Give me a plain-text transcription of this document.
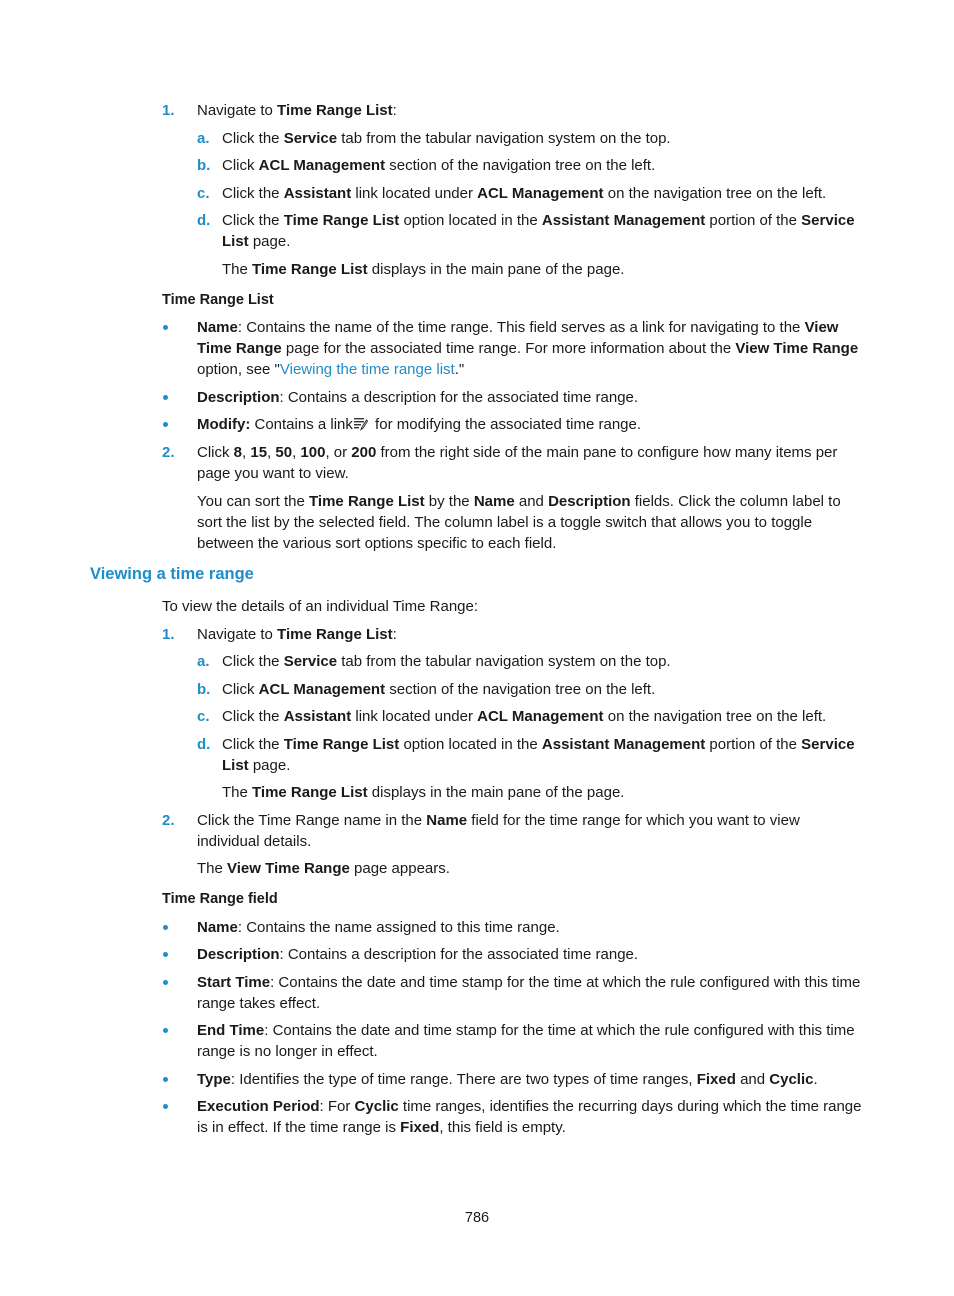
1. Navigate to Time Range List:
a. Click the Service tab from the tabular navigation system on the top.
b. Click ACL Management section of the navigation tree on the left.
c. Click the Assistant link located under ACL Management on the navigation tree on the left.
d. Click the Time Range List option located in the Assistant Management portion of the Service List page.
The Time Range List displays in the main pane of the page.
Time Range List
Name: Contains the name of the time range. This field serves as a link for navigating to the View Time Range page for the associated time range. For more information about the View Time Range option, see "Viewing the time range list."
Description: Contains a description for the associated time range.
Modify: Contains a link for modifying the associated time range.
2. Click 8, 15, 50, 100, or 200 from the right side of the main pane to configure how many items per page you want to view.
You can sort the Time Range List by the Name and Description fields. Click the column label to sort the list by the selected field. The column label is a toggle switch that allows you to toggle between the various sort options specific to each field.
Viewing a time range
To view the details of an individual Time Range:
1. Navigate to Time Range List:
a. Click the Service tab from the tabular navigation system on the top.
b. Click ACL Management section of the navigation tree on the left.
c. Click the Assistant link located under ACL Management on the navigation tree on the left.
d. Click the Time Range List option located in the Assistant Management portion of the Service List page.
The Time Range List displays in the main pane of the page.
2. Click the Time Range name in the Name field for the time range for which you want to view individual details.
The View Time Range page appears.
Time Range field
Name: Contains the name assigned to this time range.
Description: Contains a description for the associated time range.
Start Time: Contains the date and time stamp for the time at which the rule configured with this time range takes effect.
End Time: Contains the date and time stamp for the time at which the rule configured with this time range is no longer in effect.
Type: Identifies the type of time range. There are two types of time ranges, Fixed and Cyclic.
Execution Period: For Cyclic time ranges, identifies the recurring days during which the time range is in effect. If the time range is Fixed, this field is empty.
786
